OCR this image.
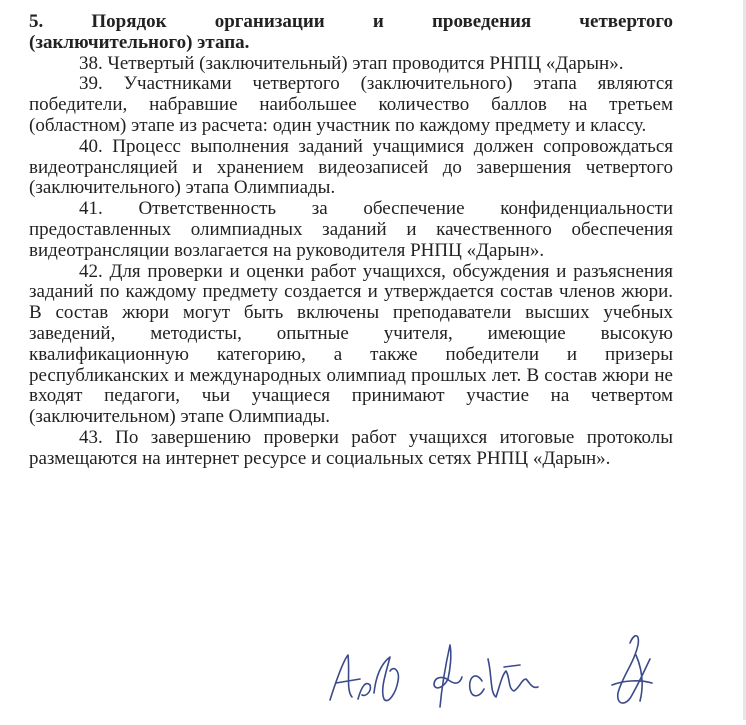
5.	Порядок	организации	и	проведения	четвертого
(заключительного) этапа.
38. Четвертый (заключительный) этап проводится РНПЦ «Дарын».
39. Участниками четвертого (заключительного) этапа являются
победители, набравшие наибольшее количество баллов на третьем
(областном) этапе из расчета: один участник по каждому предмету и классу.
40. Процесс выполнения заданий учащимися должен сопровождаться
видеотрансляцией и хранением видеозаписей до завершения четвертого
(заключительного) этапа Олимпиады.
41. Ответственность за обеспечение конфиденциальности
предоставленных олимпиадных заданий и качественного обеспечения
видеотрансляции возлагается на руководителя РНПЦ «Дарын».
42. Для проверки и оценки работ учащихся, обсуждения и разъяснения
заданий по каждому предмету создается и утверждается состав членов жюри.
В состав жюри могут быть включены преподаватели высших учебных
заведений, методисты, опытные учителя, имеющие высокую
квалификационную категорию, а также победители и призеры
республиканских и международных олимпиад прошлых лет. В состав жюри не
входят педагоги, чьи учащиеся принимают участие на четвертом
(заключительном) этапе Олимпиады.
43. По завершению проверки работ учащихся итоговые протоколы
размещаются на интернет ресурсе и социальных сетях РНПЦ «Дарын».
